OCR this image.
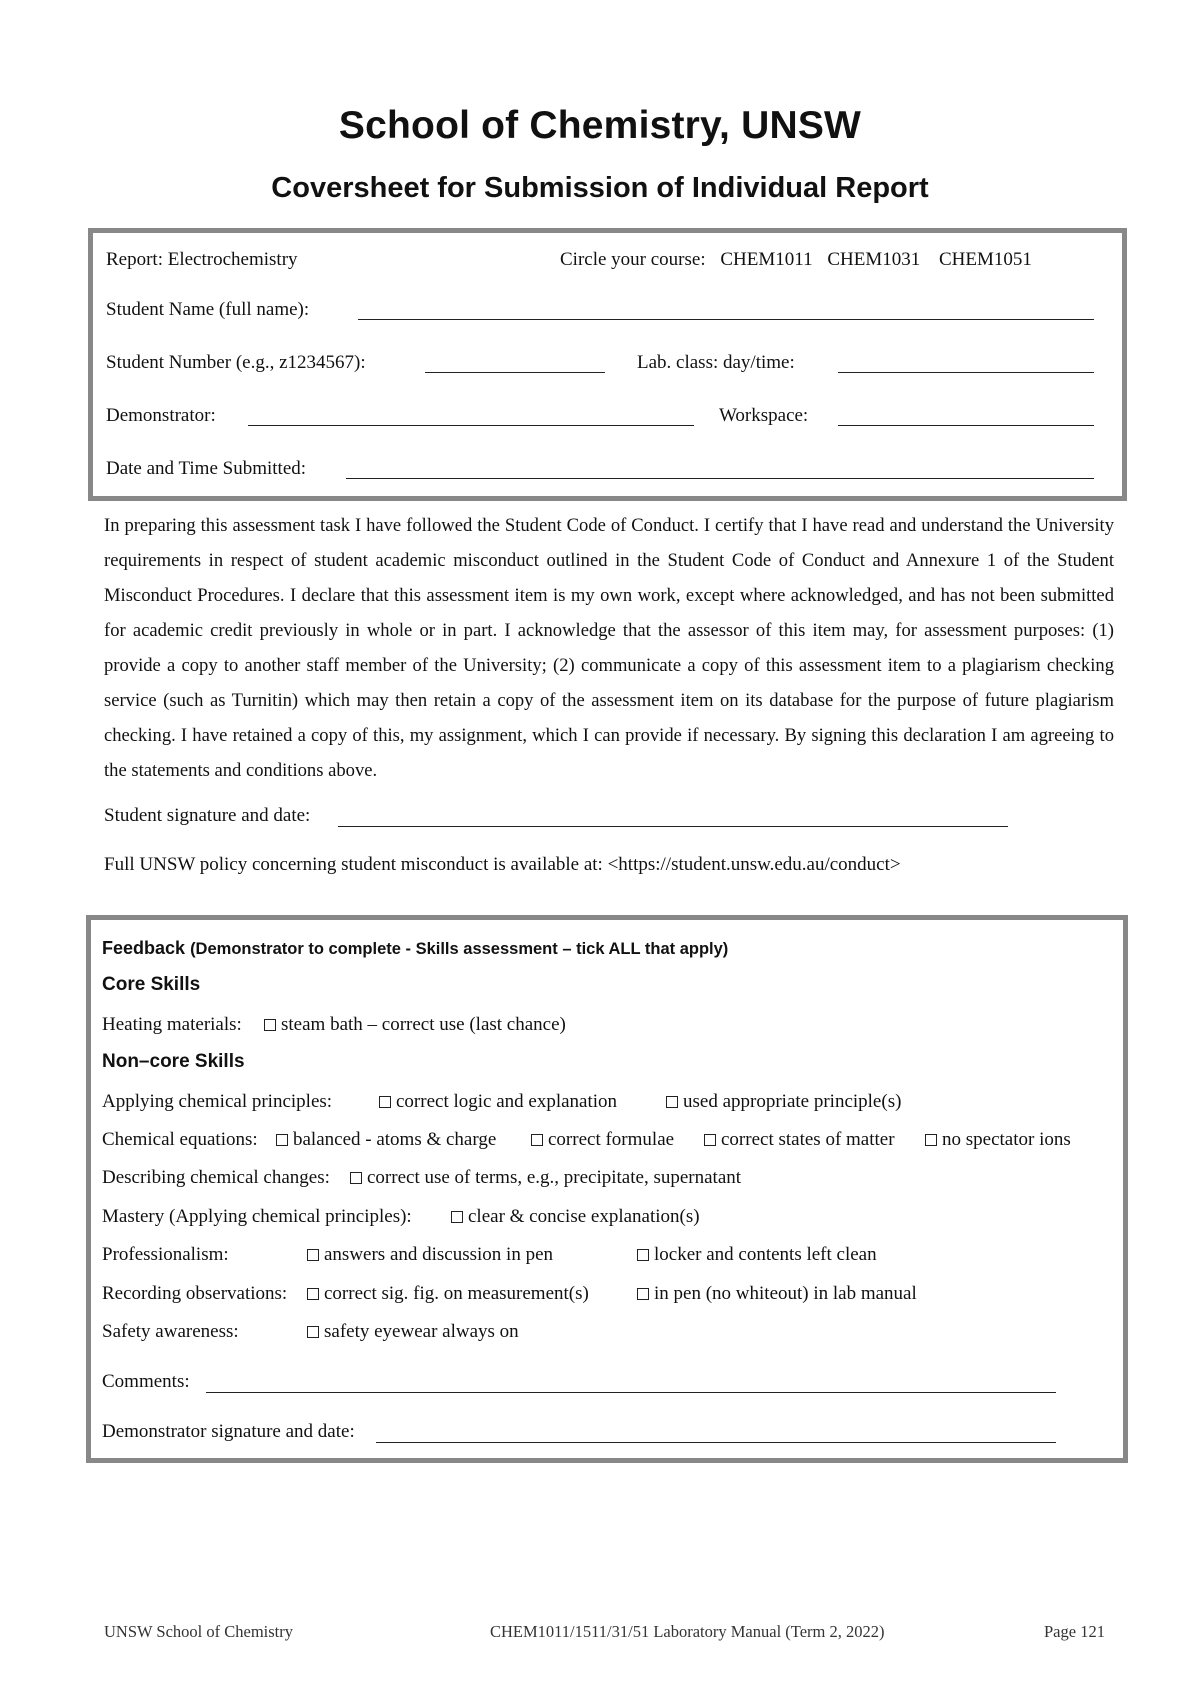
School of Chemistry, UNSW
Coversheet for Submission of Individual Report
Report: Electrochemistry	Circle your course: CHEM1011 CHEM1031 CHEM1051
Student Name (full name):
Student Number (e.g., z1234567):	Lab. class: day/time:
Demonstrator:	Workspace:
Date and Time Submitted:
In preparing this assessment task I have followed the Student Code of Conduct. I certify that I have read and understand the University requirements in respect of student academic misconduct outlined in the Student Code of Conduct and Annexure 1 of the Student Misconduct Procedures. I declare that this assessment item is my own work, except where acknowledged, and has not been submitted for academic credit previously in whole or in part. I acknowledge that the assessor of this item may, for assessment purposes: (1) provide a copy to another staff member of the University; (2) communicate a copy of this assessment item to a plagiarism checking service (such as Turnitin) which may then retain a copy of the assessment item on its database for the purpose of future plagiarism checking. I have retained a copy of this, my assignment, which I can provide if necessary. By signing this declaration I am agreeing to the statements and conditions above.
Student signature and date:
Full UNSW policy concerning student misconduct is available at: <https://student.unsw.edu.au/conduct>
Feedback (Demonstrator to complete - Skills assessment – tick ALL that apply)
Core Skills
Heating materials:	steam bath – correct use (last chance)
Non–core Skills
Applying chemical principles:	correct logic and explanation	used appropriate principle(s)
Chemical equations:	balanced - atoms & charge	correct formulae	correct states of matter	no spectator ions
Describing chemical changes:	correct use of terms, e.g., precipitate, supernatant
Mastery (Applying chemical principles):	clear & concise explanation(s)
Professionalism:	answers and discussion in pen	locker and contents left clean
Recording observations:	correct sig. fig. on measurement(s)	in pen (no whiteout) in lab manual
Safety awareness:	safety eyewear always on
Comments:
Demonstrator signature and date:
UNSW School of Chemistry	CHEM1011/1511/31/51 Laboratory Manual (Term 2, 2022)	Page 121
